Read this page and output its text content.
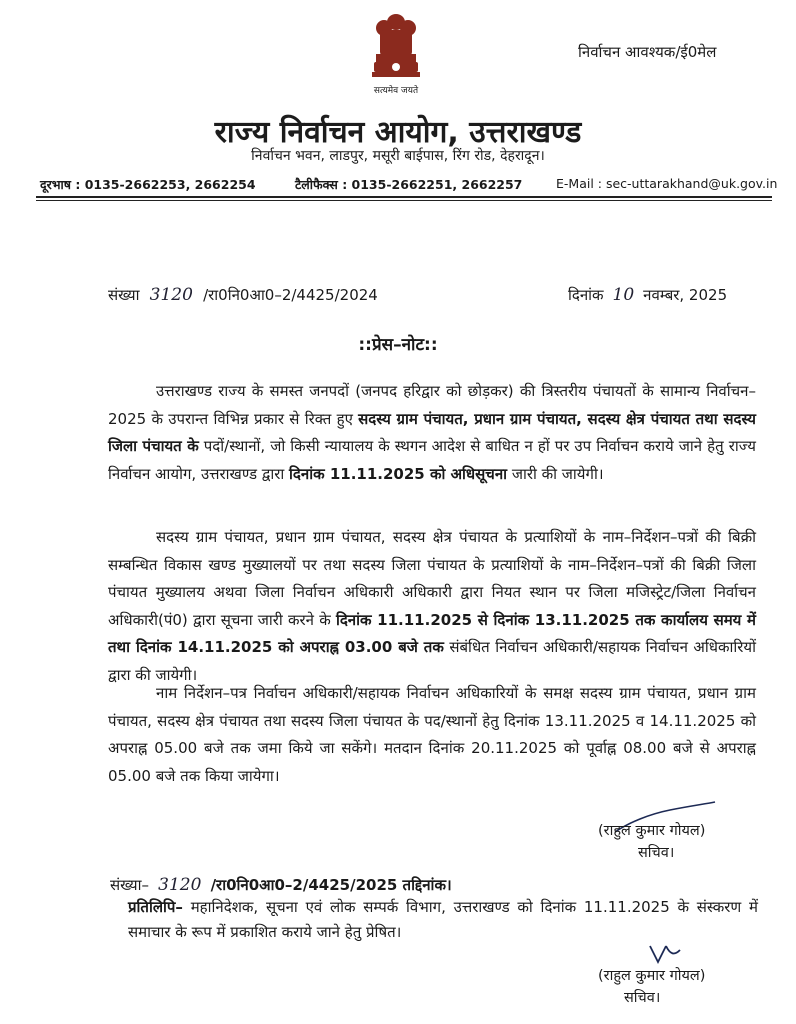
सत्यमेव जयते
निर्वाचन आवश्यक/ई0मेल
राज्य निर्वाचन आयोग, उत्तराखण्ड
निर्वाचन भवन, लाडपुर, मसूरी बाईपास, रिंग रोड, देहरादून।
दूरभाष : 0135-2662253, 2662254	टैलीफैक्स : 0135-2662251, 2662257	E-Mail : sec-uttarakhand@uk.gov.in
संख्या 3120 /रा0नि0आ0–2/4425/2024	दिनांक 10 नवम्बर, 2025
::प्रेस–नोट::
उत्तराखण्ड राज्य के समस्त जनपदों (जनपद हरिद्वार को छोड़कर) की त्रिस्तरीय पंचायतों के सामान्य निर्वाचन–2025 के उपरान्त विभिन्न प्रकार से रिक्त हुए सदस्य ग्राम पंचायत, प्रधान ग्राम पंचायत, सदस्य क्षेत्र पंचायत तथा सदस्य जिला पंचायत के पदों/स्थानों, जो किसी न्यायालय के स्थगन आदेश से बाधित न हों पर उप निर्वाचन कराये जाने हेतु राज्य निर्वाचन आयोग, उत्तराखण्ड द्वारा दिनांक 11.11.2025 को अधिसूचना जारी की जायेगी।
सदस्य ग्राम पंचायत, प्रधान ग्राम पंचायत, सदस्य क्षेत्र पंचायत के प्रत्याशियों के नाम–निर्देशन–पत्रों की बिक्री सम्बन्धित विकास खण्ड मुख्यालयों पर तथा सदस्य जिला पंचायत के प्रत्याशियों के नाम–निर्देशन–पत्रों की बिक्री जिला पंचायत मुख्यालय अथवा जिला निर्वाचन अधिकारी अधिकारी द्वारा नियत स्थान पर जिला मजिस्ट्रेट/जिला निर्वाचन अधिकारी(पं0) द्वारा सूचना जारी करने के दिनांक 11.11.2025 से दिनांक 13.11.2025 तक कार्यालय समय में तथा दिनांक 14.11.2025 को अपराह्न 03.00 बजे तक संबंधित निर्वाचन अधिकारी/सहायक निर्वाचन अधिकारियों द्वारा की जायेगी।
नाम निर्देशन–पत्र निर्वाचन अधिकारी/सहायक निर्वाचन अधिकारियों के समक्ष सदस्य ग्राम पंचायत, प्रधान ग्राम पंचायत, सदस्य क्षेत्र पंचायत तथा सदस्य जिला पंचायत के पद/स्थानों हेतु दिनांक 13.11.2025 व 14.11.2025 को अपराह्न 05.00 बजे तक जमा किये जा सकेंगे। मतदान दिनांक 20.11.2025 को पूर्वाह्न 08.00 बजे से अपराह्न 05.00 बजे तक किया जायेगा।
(राहुल कुमार गोयल)
सचिव।
संख्या– 3120 /रा0नि0आ0–2/4425/2025 तद्दिनांक।
प्रतिलिपि– महानिदेशक, सूचना एवं लोक सम्पर्क विभाग, उत्तराखण्ड को दिनांक 11.11.2025 के संस्करण में समाचार के रूप में प्रकाशित कराये जाने हेतु प्रेषित।
(राहुल कुमार गोयल)
सचिव।
